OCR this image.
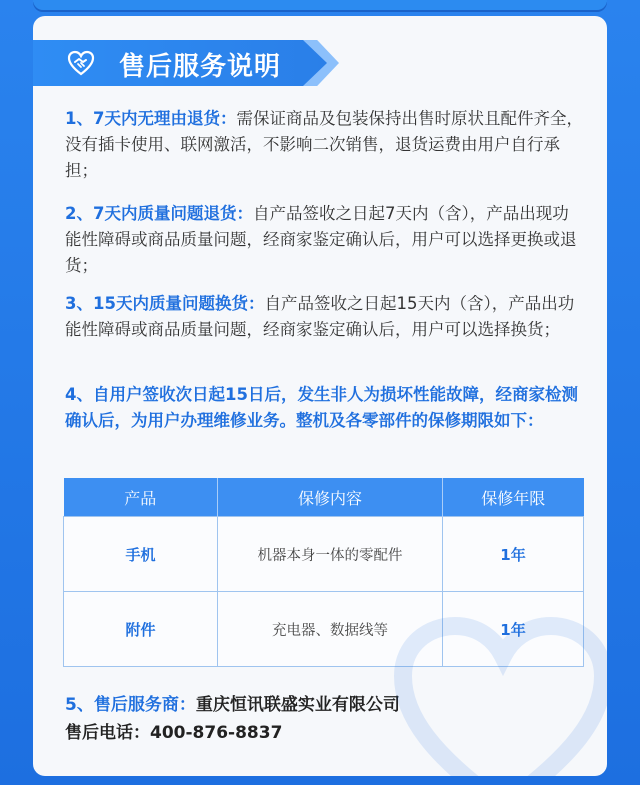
售后服务说明
1、7天内无理由退货：需保证商品及包装保持出售时原状且配件齐全，没有插卡使用、联网激活，不影响二次销售，退货运费由用户自行承担；
2、7天内质量问题退货：自产品签收之日起7天内（含），产品出现功能性障碍或商品质量问题，经商家鉴定确认后，用户可以选择更换或退货；
3、15天内质量问题换货：自产品签收之日起15天内（含），产品出功能性障碍或商品质量问题，经商家鉴定确认后，用户可以选择换货；
4、自用户签收次日起15日后，发生非人为损坏性能故障，经商家检测确认后，为用户办理维修业务。整机及各零部件的保修期限如下：
产品	保修内容	保修年限
手机	机器本身一体的零配件	1年
附件	充电器、数据线等	1年
5、售后服务商：重庆恒讯联盛实业有限公司
售后电话：400-876-8837
